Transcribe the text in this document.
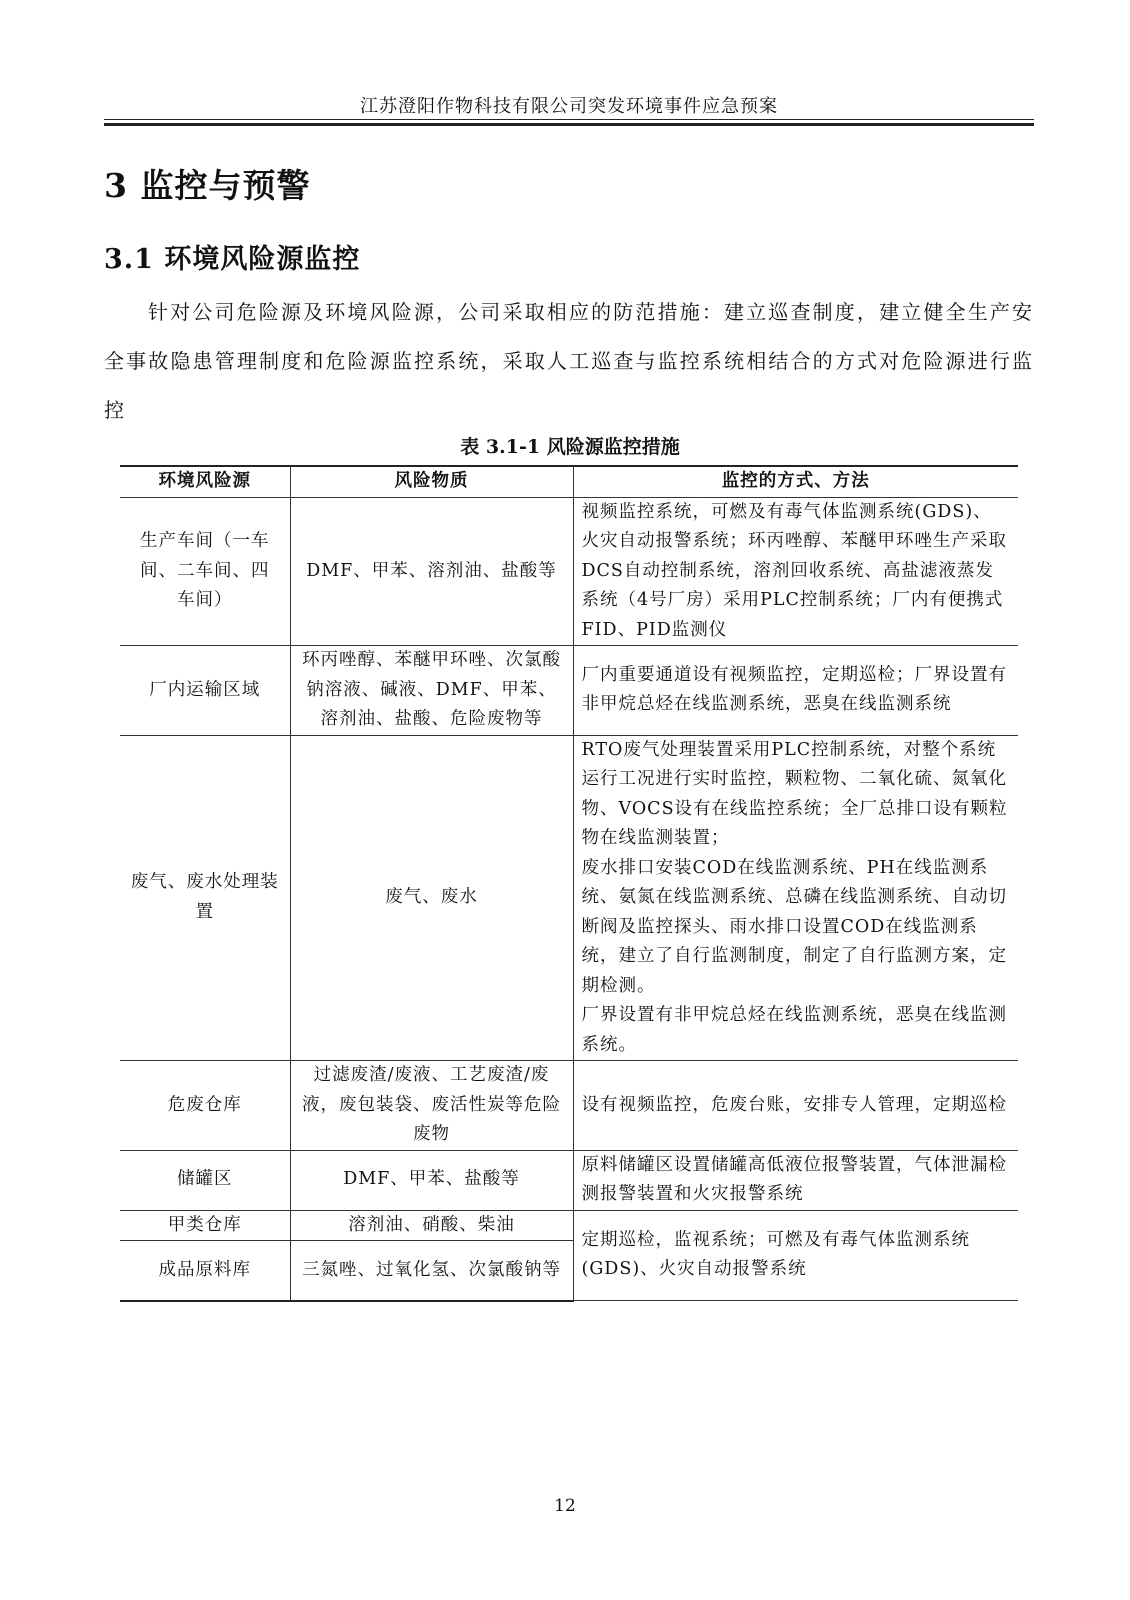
江苏澄阳作物科技有限公司突发环境事件应急预案
3 监控与预警
3.1 环境风险源监控
针对公司危险源及环境风险源，公司采取相应的防范措施：建立巡查制度，建立健全生产安全事故隐患管理制度和危险源监控系统，采取人工巡查与监控系统相结合的方式对危险源进行监控
表 3.1-1 风险源监控措施
环境风险源	风险物质	监控的方式、方法
生产车间（一车间、二车间、四车间）	DMF、甲苯、溶剂油、盐酸等	视频监控系统，可燃及有毒气体监测系统(GDS)、火灾自动报警系统；环丙唑醇、苯醚甲环唑生产采取DCS自动控制系统，溶剂回收系统、高盐滤液蒸发系统（4号厂房）采用PLC控制系统；厂内有便携式FID、PID监测仪
厂内运输区域	环丙唑醇、苯醚甲环唑、次氯酸钠溶液、碱液、DMF、甲苯、溶剂油、盐酸、危险废物等	厂内重要通道设有视频监控，定期巡检；厂界设置有非甲烷总烃在线监测系统，恶臭在线监测系统
废气、废水处理装置	废气、废水	RTO废气处理装置采用PLC控制系统，对整个系统运行工况进行实时监控，颗粒物、二氧化硫、氮氧化物、VOCS设有在线监控系统；全厂总排口设有颗粒物在线监测装置；
废水排口安装COD在线监测系统、PH在线监测系统、氨氮在线监测系统、总磷在线监测系统、自动切断阀及监控探头、雨水排口设置COD在线监测系统，建立了自行监测制度，制定了自行监测方案，定期检测。
厂界设置有非甲烷总烃在线监测系统，恶臭在线监测系统。

危废仓库	过滤废渣/废液、工艺废渣/废液，废包装袋、废活性炭等危险废物	设有视频监控，危废台账，安排专人管理，定期巡检
储罐区	DMF、甲苯、盐酸等	原料储罐区设置储罐高低液位报警装置，气体泄漏检测报警装置和火灾报警系统
甲类仓库	溶剂油、硝酸、柴油	定期巡检，监视系统；可燃及有毒气体监测系统(GDS)、火灾自动报警系统
成品原料库	三氮唑、过氧化氢、次氯酸钠等	
12
